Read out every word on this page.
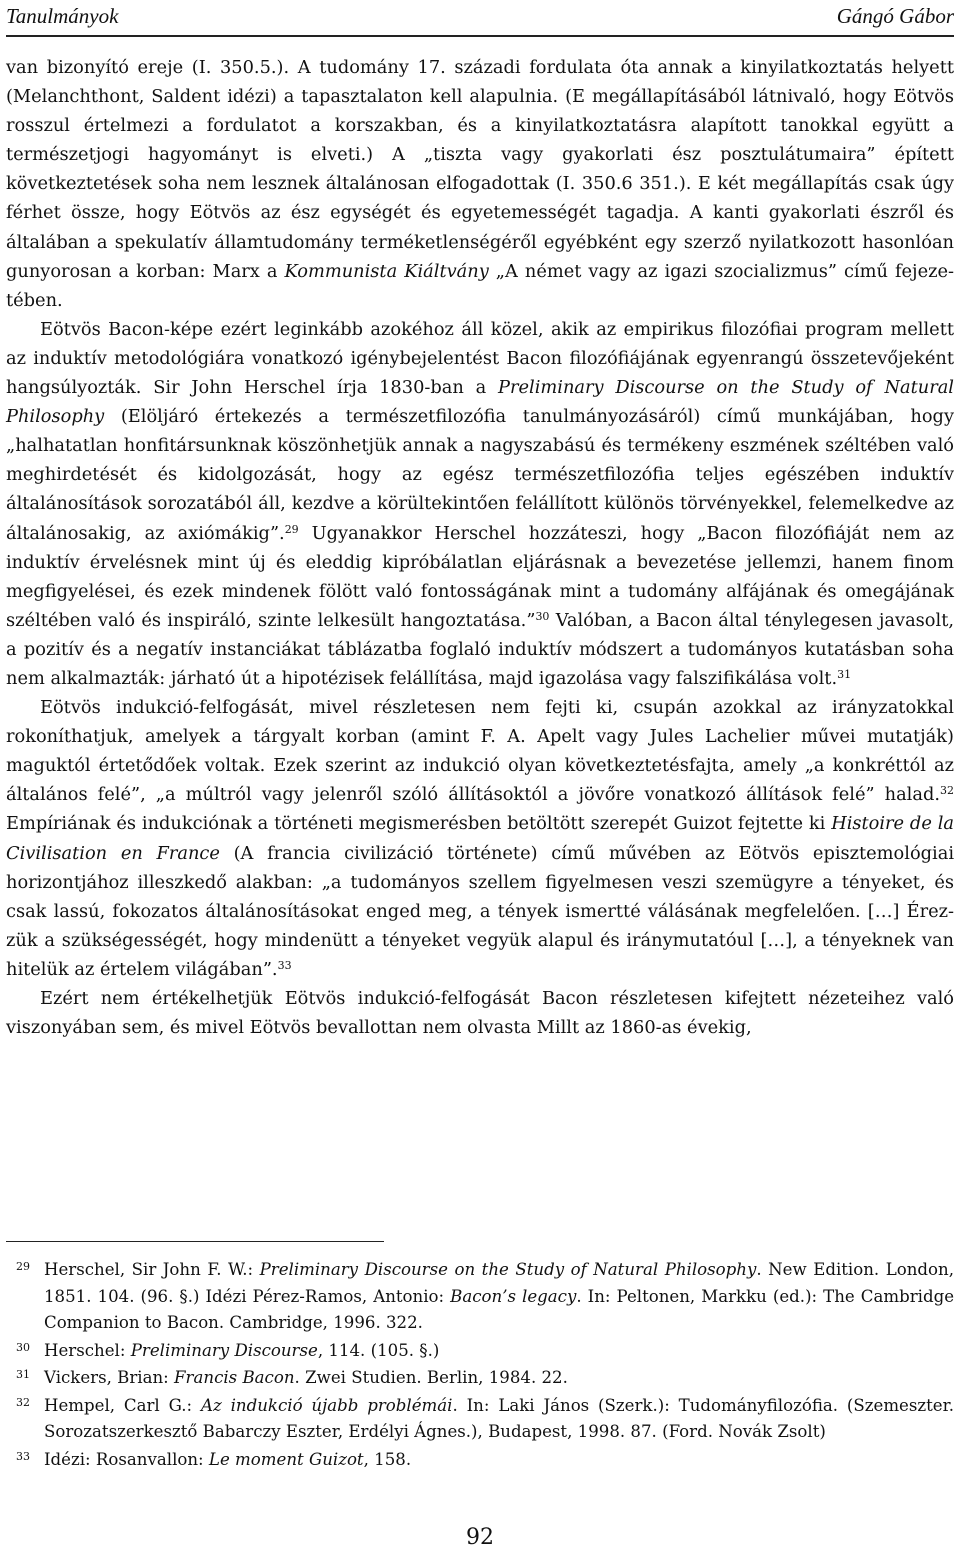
Tanulmányok	Gángó Gábor

van bizonyító ereje (I. 350.5.). A tudomány 17. századi fordulata óta annak a kinyilatkoztatás helyett (Melanchthont, Saldent idézi) a tapasztalaton kell alapulnia. (E megállapításából látnivaló, hogy Eötvös rosszul értelmezi a fordulatot a korszakban, és a kinyilatkoztatásra alapított tanokkal együtt a természetjogi hagyományt is elveti.) A „tiszta vagy gyakorlati ész posztulátumaira” épített következtetések soha nem lesznek általánosan elfogadottak (I. 350.6 351.). E két megállapítás csak úgy férhet össze, hogy Eötvös az ész egységét és egyetemességét tagadja. A kanti gyakorlati észről és általában a spekulatív államtudomány terméketlenségéről egyébként egy szerző nyilatkozott hasonlóan gunyorosan a korban: Marx a Kommunista Kiáltvány „A német vagy az igazi szocializmus” című fejezetében.

Eötvös Bacon-képe ezért leginkább azokéhoz áll közel, akik az empirikus filozófiai program mellett az induktív metodológiára vonatkozó igénybejelentést Bacon filozófiájának egyenrangú összetevőjeként hangsúlyozták. Sir John Herschel írja 1830-ban a Preliminary Discourse on the Study of Natural Philosophy (Elöljáró értekezés a természetfilozófia tanulmányozásáról) című munkájában, hogy „halhatatlan honfitársunknak köszönhetjük annak a nagyszabású és termékeny eszmének széltében való meghirdetését és kidolgozását, hogy az egész természetfilozófia teljes egészében induktív általánosítások sorozatából áll, kezdve a körültekintően felállított különös törvényekkel, felemelkedve az általánosakig, az axiómákig”.$^{29}$ Ugyanakkor Herschel hozzáteszi, hogy „Bacon filozófiáját nem az induktív érvelésnek mint új és eleddig kipróbálatlan eljárásnak a bevezetése jellemzi, hanem finom megfigyelései, és ezek mindenek fölött való fontosságának mint a tudomány alfájának és omegájának széltében való és inspiráló, szinte lelkesült hangoztatása.”$^{30}$ Valóban, a Bacon által ténylegesen javasolt, a pozitív és a negatív instanciákat táblázatba foglaló induktív módszert a tudományos kutatásban soha nem alkalmazták: járható út a hipotézisek felállítása, majd igazolása vagy falszifikálása volt.$^{31}$

Eötvös indukció-felfogását, mivel részletesen nem fejti ki, csupán azokkal az irányzatokkal rokoníthatjuk, amelyek a tárgyalt korban (amint F. A. Apelt vagy Jules Lachelier művei mutatják) maguktól értetődőek voltak. Ezek szerint az indukció olyan következtetésfajta, amely „a konkréttól az általános felé”, „a múltról vagy jelenről szóló állításoktól a jövőre vonatkozó állítások felé” halad.$^{32}$ Empíriának és indukciónak a történeti megismerésben betöltött szerepét Guizot fejtette ki Histoire de la Civilisation en France (A francia civilizáció története) című művében az Eötvös episztemológiai horizontjához illeszkedő alakban: „a tudományos szellem figyelmesen veszi szemügyre a tényeket, és csak lassú, fokozatos általánosításokat enged meg, a tények ismertté válásának megfelelően. […] Érezzük a szükségességét, hogy mindenütt a tényeket vegyük alapul és iránymutatóul […], a tényeknek van hitelük az értelem világában”.$^{33}$

Ezért nem értékelhetjük Eötvös indukció-felfogását Bacon részletesen kifejtett nézeteihez való viszonyában sem, és mivel Eötvös bevallottan nem olvasta Millt az 1860-as évekig,

29 Herschel, Sir John F. W.: Preliminary Discourse on the Study of Natural Philosophy. New Edition. London, 1851. 104. (96. §.) Idézi Pérez-Ramos, Antonio: Bacon’s legacy. In: Peltonen, Markku (ed.): The Cambridge Companion to Bacon. Cambridge, 1996. 322.
30 Herschel: Preliminary Discourse, 114. (105. §.)
31 Vickers, Brian: Francis Bacon. Zwei Studien. Berlin, 1984. 22.
32 Hempel, Carl G.: Az indukció újabb problémái. In: Laki János (Szerk.): Tudományfilozófia. (Szemeszter. Sorozatszerkesztő Babarczy Eszter, Erdélyi Ágnes.), Budapest, 1998. 87. (Ford. Novák Zsolt)
33 Idézi: Rosanvallon: Le moment Guizot, 158.
92
